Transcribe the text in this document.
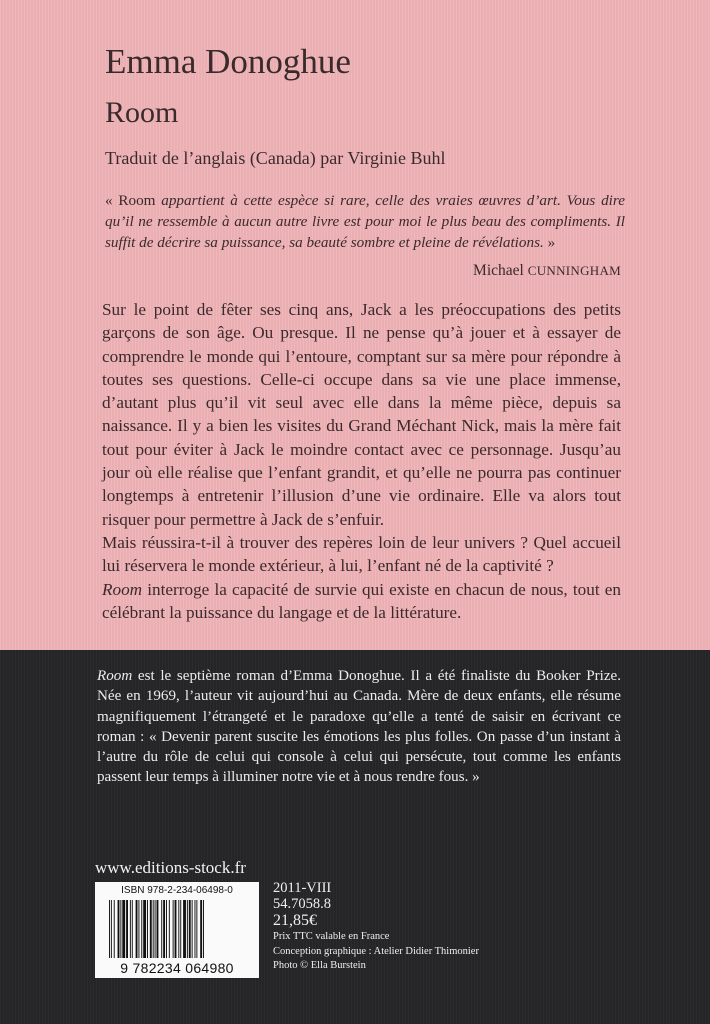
Emma Donoghue
Room
Traduit de l’anglais (Canada) par Virginie Buhl
« Room appartient à cette espèce si rare, celle des vraies œuvres d’art. Vous dire qu’il ne ressemble à aucun autre livre est pour moi le plus beau des compliments. Il suffit de décrire sa puissance, sa beauté sombre et pleine de révélations. »
Michael CUNNINGHAM

Sur le point de fêter ses cinq ans, Jack a les préoccupations des petits garçons de son âge. Ou presque. Il ne pense qu’à jouer et à essayer de comprendre le monde qui l’entoure, comptant sur sa mère pour répondre à toutes ses questions. Celle-ci occupe dans sa vie une place immense, d’autant plus qu’il vit seul avec elle dans la même pièce, depuis sa naissance. Il y a bien les visites du Grand Méchant Nick, mais la mère fait tout pour éviter à Jack le moindre contact avec ce personnage. Jusqu’au jour où elle réalise que l’enfant grandit, et qu’elle ne pourra pas continuer longtemps à entretenir l’illusion d’une vie ordinaire. Elle va alors tout risquer pour permettre à Jack de s’enfuir.

Mais réussira-t-il à trouver des repères loin de leur univers ? Quel accueil lui réservera le monde extérieur, à lui, l’enfant né de la captivité ?

Room interroge la capacité de survie qui existe en chacun de nous, tout en célébrant la puissance du langage et de la littérature.

Room est le septième roman d’Emma Donoghue. Il a été finaliste du Booker Prize. Née en 1969, l’auteur vit aujourd’hui au Canada. Mère de deux enfants, elle résume magnifiquement l’étrangeté et le paradoxe qu’elle a tenté de saisir en écrivant ce roman : « Devenir parent suscite les émotions les plus folles. On passe d’un instant à l’autre du rôle de celui qui console à celui qui persécute, tout comme les enfants passent leur temps à illuminer notre vie et à nous rendre fous. »
www.editions-stock.fr
ISBN 978-2-234-06498-0
9 782234 064980
2011-VIII
54.7058.8
21,85€
Prix TTC valable en France
Conception graphique : Atelier Didier Thimonier
Photo © Ella Burstein
